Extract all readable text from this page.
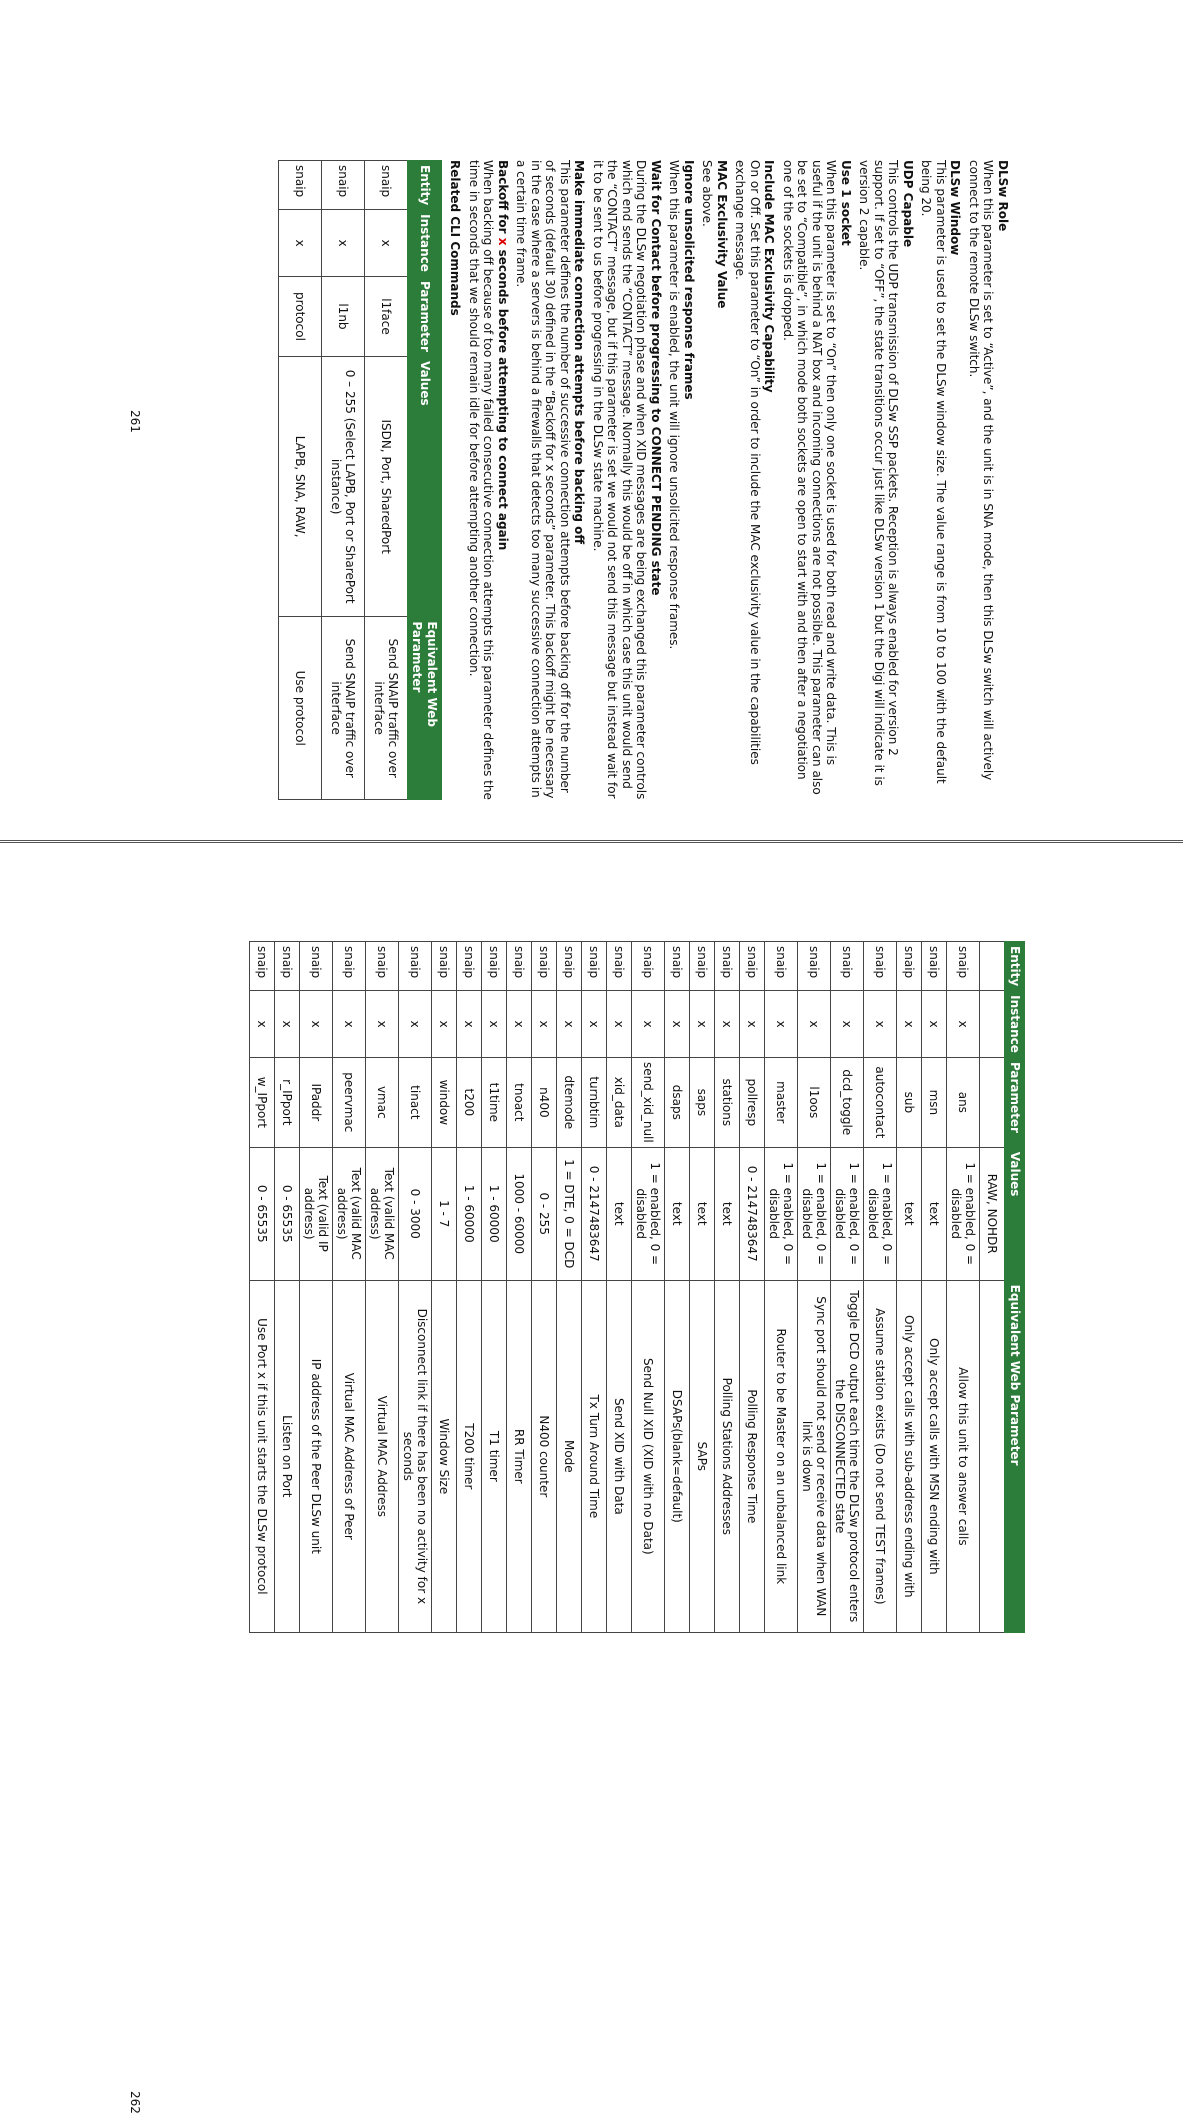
DLSw Role

When this parameter is set to “Active”, and the unit is in SNA mode, then this DLSw switch will actively connect to the remote DLSw switch.

DLSw Window

This parameter is used to set the DLSw window size. The value range is from 10 to 100 with the default being 20.

UDP Capable

This controls the UDP transmission of DLSw SSP packets. Reception is always enabled for version 2 support. If set to “OFF”, the state transitions occur just like DLSw version 1 but the Digi will indicate it is version 2 capable.

Use 1 socket

When this parameter is set to “On” then only one socket is used for both read and write data. This is useful if the unit is behind a NAT box and incoming connections are not possible. This parameter can also be set to “Compatible”, in which mode both sockets are open to start with and then after a negotiation one of the sockets is dropped.

Include MAC Exclusivity Capability

On or Off. Set this parameter to “On” in order to include the MAC exclusivity value in the capabilities exchange message.

MAC Exclusivity Value

See above.

Ignore unsolicited response frames

When this parameter is enabled, the unit will ignore unsolicited response frames.

Wait for Contact before progressing to CONNECT PENDING state

During the DLSw negotiation phase and when XID messages are being exchanged this parameter controls which end sends the “CONTACT” message. Normally this would be off in which case this unit would send the “CONTACT” message, but if this parameter is set we would not send this message but instead wait for it to be sent to us before progressing in the DLSw state machine.

Make immediate connection attempts before backing off

This parameter defines the number of successive connection attempts before backing off for the number of seconds (default 30) defined in the “Backoff for x seconds” parameter. This backoff might be necessary in the case where a servers is behind a firewalls that detects too many successive connection attempts in a certain time frame.

Backoff for x seconds before attempting to connect again

When backing off because of too many failed consecutive connection attempts this parameter defines the time in seconds that we should remain idle for before attempting another connection.

Related CLI Commands

Entity	Instance	Parameter	Values	Equivalent Web Parameter
snaip	x	l1face	ISDN, Port, SharedPort	Send SNAIP traffic over interface
snaip	x	l1nb	0 – 255 (Select LAPB, Port or SharePort instance)	Send SNAIP traffic over interface
snaip	x	protocol	LAPB, SNA, RAW,	Use protocol
261
Entity	Instance	Parameter	Values	Equivalent Web Parameter
			RAW, NOHDR	
snaip	x	ans	1 = enabled, 0 = disabled	Allow this unit to answer calls
snaip	x	msn	text	Only accept calls with MSN ending with
snaip	x	sub	text	Only accept calls with sub-address ending with
snaip	x	autocontact	1 = enabled, 0 = disabled	Assume station exists (Do not send TEST frames)
snaip	x	dcd_toggle	1 = enabled, 0 = disabled	Toggle DCD output each time the DLSw protocol enters the DISCONNECTED state
snaip	x	l1oos	1 = enabled, 0 = disabled	Sync port should not send or receive data when WAN link is down
snaip	x	master	1 = enabled, 0 = disabled	Router to be Master on an unbalanced link
snaip	x	pollresp	0 - 2147483647	Polling Response Time
snaip	x	stations	text	Polling Stations Addresses
snaip	x	saps	text	SAPs
snaip	x	dsaps	text	DSAPs(blank=default)
snaip	x	send_xid_null	1 = enabled, 0 = disabled	Send Null XID (XID with no Data)
snaip	x	xid_data	text	Send XID with Data
snaip	x	turnbtim	0 - 2147483647	Tx Turn Around Time
snaip	x	dtemode	1 = DTE, 0 = DCD	Mode
snaip	x	n400	0 - 255	N400 counter
snaip	x	tnoact	1000 - 60000	RR Timer
snaip	x	t1time	1 - 60000	T1 timer
snaip	x	t200	1 - 60000	T200 timer
snaip	x	window	1 - 7	Window Size
snaip	x	tinact	0 - 3000	Disconnect link if there has been no activity for x seconds
snaip	x	vmac	Text (valid MAC address)	Virtual MAC Address
snaip	x	peervmac	Text (valid MAC address)	Virtual MAC Address of Peer
snaip	x	IPaddr	Text (valid IP address)	IP address of the Peer DLSw unit
snaip	x	r_IPport	0 - 65535	Listen on Port
snaip	x	w_IPport	0 - 65535	Use Port x if this unit starts the DLSw protocol
262
